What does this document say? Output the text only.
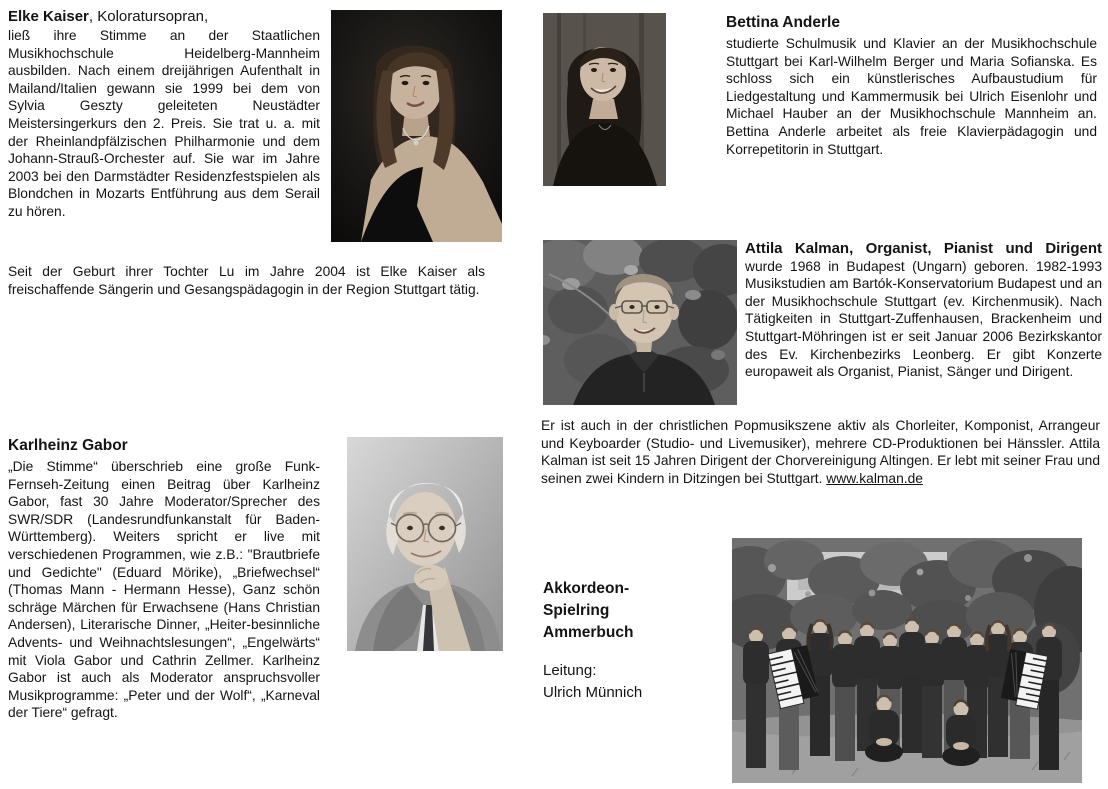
Elke Kaiser, Koloratursopran,

ließ ihre Stimme an der Staatlichen Musikhochschule Heidelberg-Mannheim ausbilden. Nach einem dreijährigen Aufenthalt in Mailand/Italien gewann sie 1999 bei dem von Sylvia Geszty geleiteten Neustädter Meistersingerkurs den 2. Preis. Sie trat u. a. mit der Rheinlandpfälzischen Philharmonie und dem Johann-Strauß-Orchester auf. Sie war im Jahre 2003 bei den Darmstädter Residenzfestspielen als Blondchen in Mozarts Entführung aus dem Serail zu hören.

Seit der Geburt ihrer Tochter Lu im Jahre 2004 ist Elke Kaiser als freischaffende Sängerin und Gesangspädagogin in der Region Stuttgart tätig.

Bettina Anderle

studierte Schulmusik und Klavier an der Musikhochschule Stuttgart bei Karl-Wilhelm Berger und Maria Sofianska. Es schloss sich ein künstlerisches Aufbaustudium für Liedgestaltung und Kammermusik bei Ulrich Eisenlohr und Michael Hauber an der Musikhochschule Mannheim an. Bettina Anderle arbeitet als freie Klavierpädagogin und Korrepetitorin in Stuttgart.

Attila Kalman, Organist, Pianist und Dirigent wurde 1968 in Budapest (Ungarn) geboren. 1982-1993 Musikstudien am Bartók-Konservatorium Budapest und an der Musikhochschule Stuttgart (ev. Kirchenmusik). Nach Tätigkeiten in Stuttgart-Zuffenhausen, Brackenheim und Stuttgart-Möhringen ist er seit Januar 2006 Bezirkskantor des Ev. Kirchenbezirks Leonberg. Er gibt Konzerte europaweit als Organist, Pianist, Sänger und Dirigent.

Er ist auch in der christlichen Popmusikszene aktiv als Chorleiter, Komponist, Arrangeur und Keyboarder (Studio- und Livemusiker), mehrere CD-Produktionen bei Hänssler. Attila Kalman ist seit 15 Jahren Dirigent der Chorvereinigung Altingen. Er lebt mit seiner Frau und seinen zwei Kindern in Ditzingen bei Stuttgart. www.kalman.de

Karlheinz Gabor

„Die Stimme“ überschrieb eine große Funk-Fernseh-Zeitung einen Beitrag über Karlheinz Gabor, fast 30 Jahre Moderator/Sprecher des SWR/SDR (Landesrundfunkanstalt für Baden-Württemberg). Weiters spricht er live mit verschiedenen Programmen, wie z.B.: "Brautbriefe und Gedichte" (Eduard Mörike), „Briefwechsel“ (Thomas Mann - Hermann Hesse), Ganz schön schräge Märchen für Erwachsene (Hans Christian Andersen), Literarische Dinner, „Heiter-besinnliche Advents- und Weihnachtslesungen“, „Engelwärts“ mit Viola Gabor und Cathrin Zellmer. Karlheinz Gabor ist auch als Moderator anspruchsvoller Musikprogramme: „Peter und der Wolf“, „Karneval der Tiere“ gefragt.

Akkordeon-
Spielring
Ammerbuch
Leitung:
Ulrich Münnich
